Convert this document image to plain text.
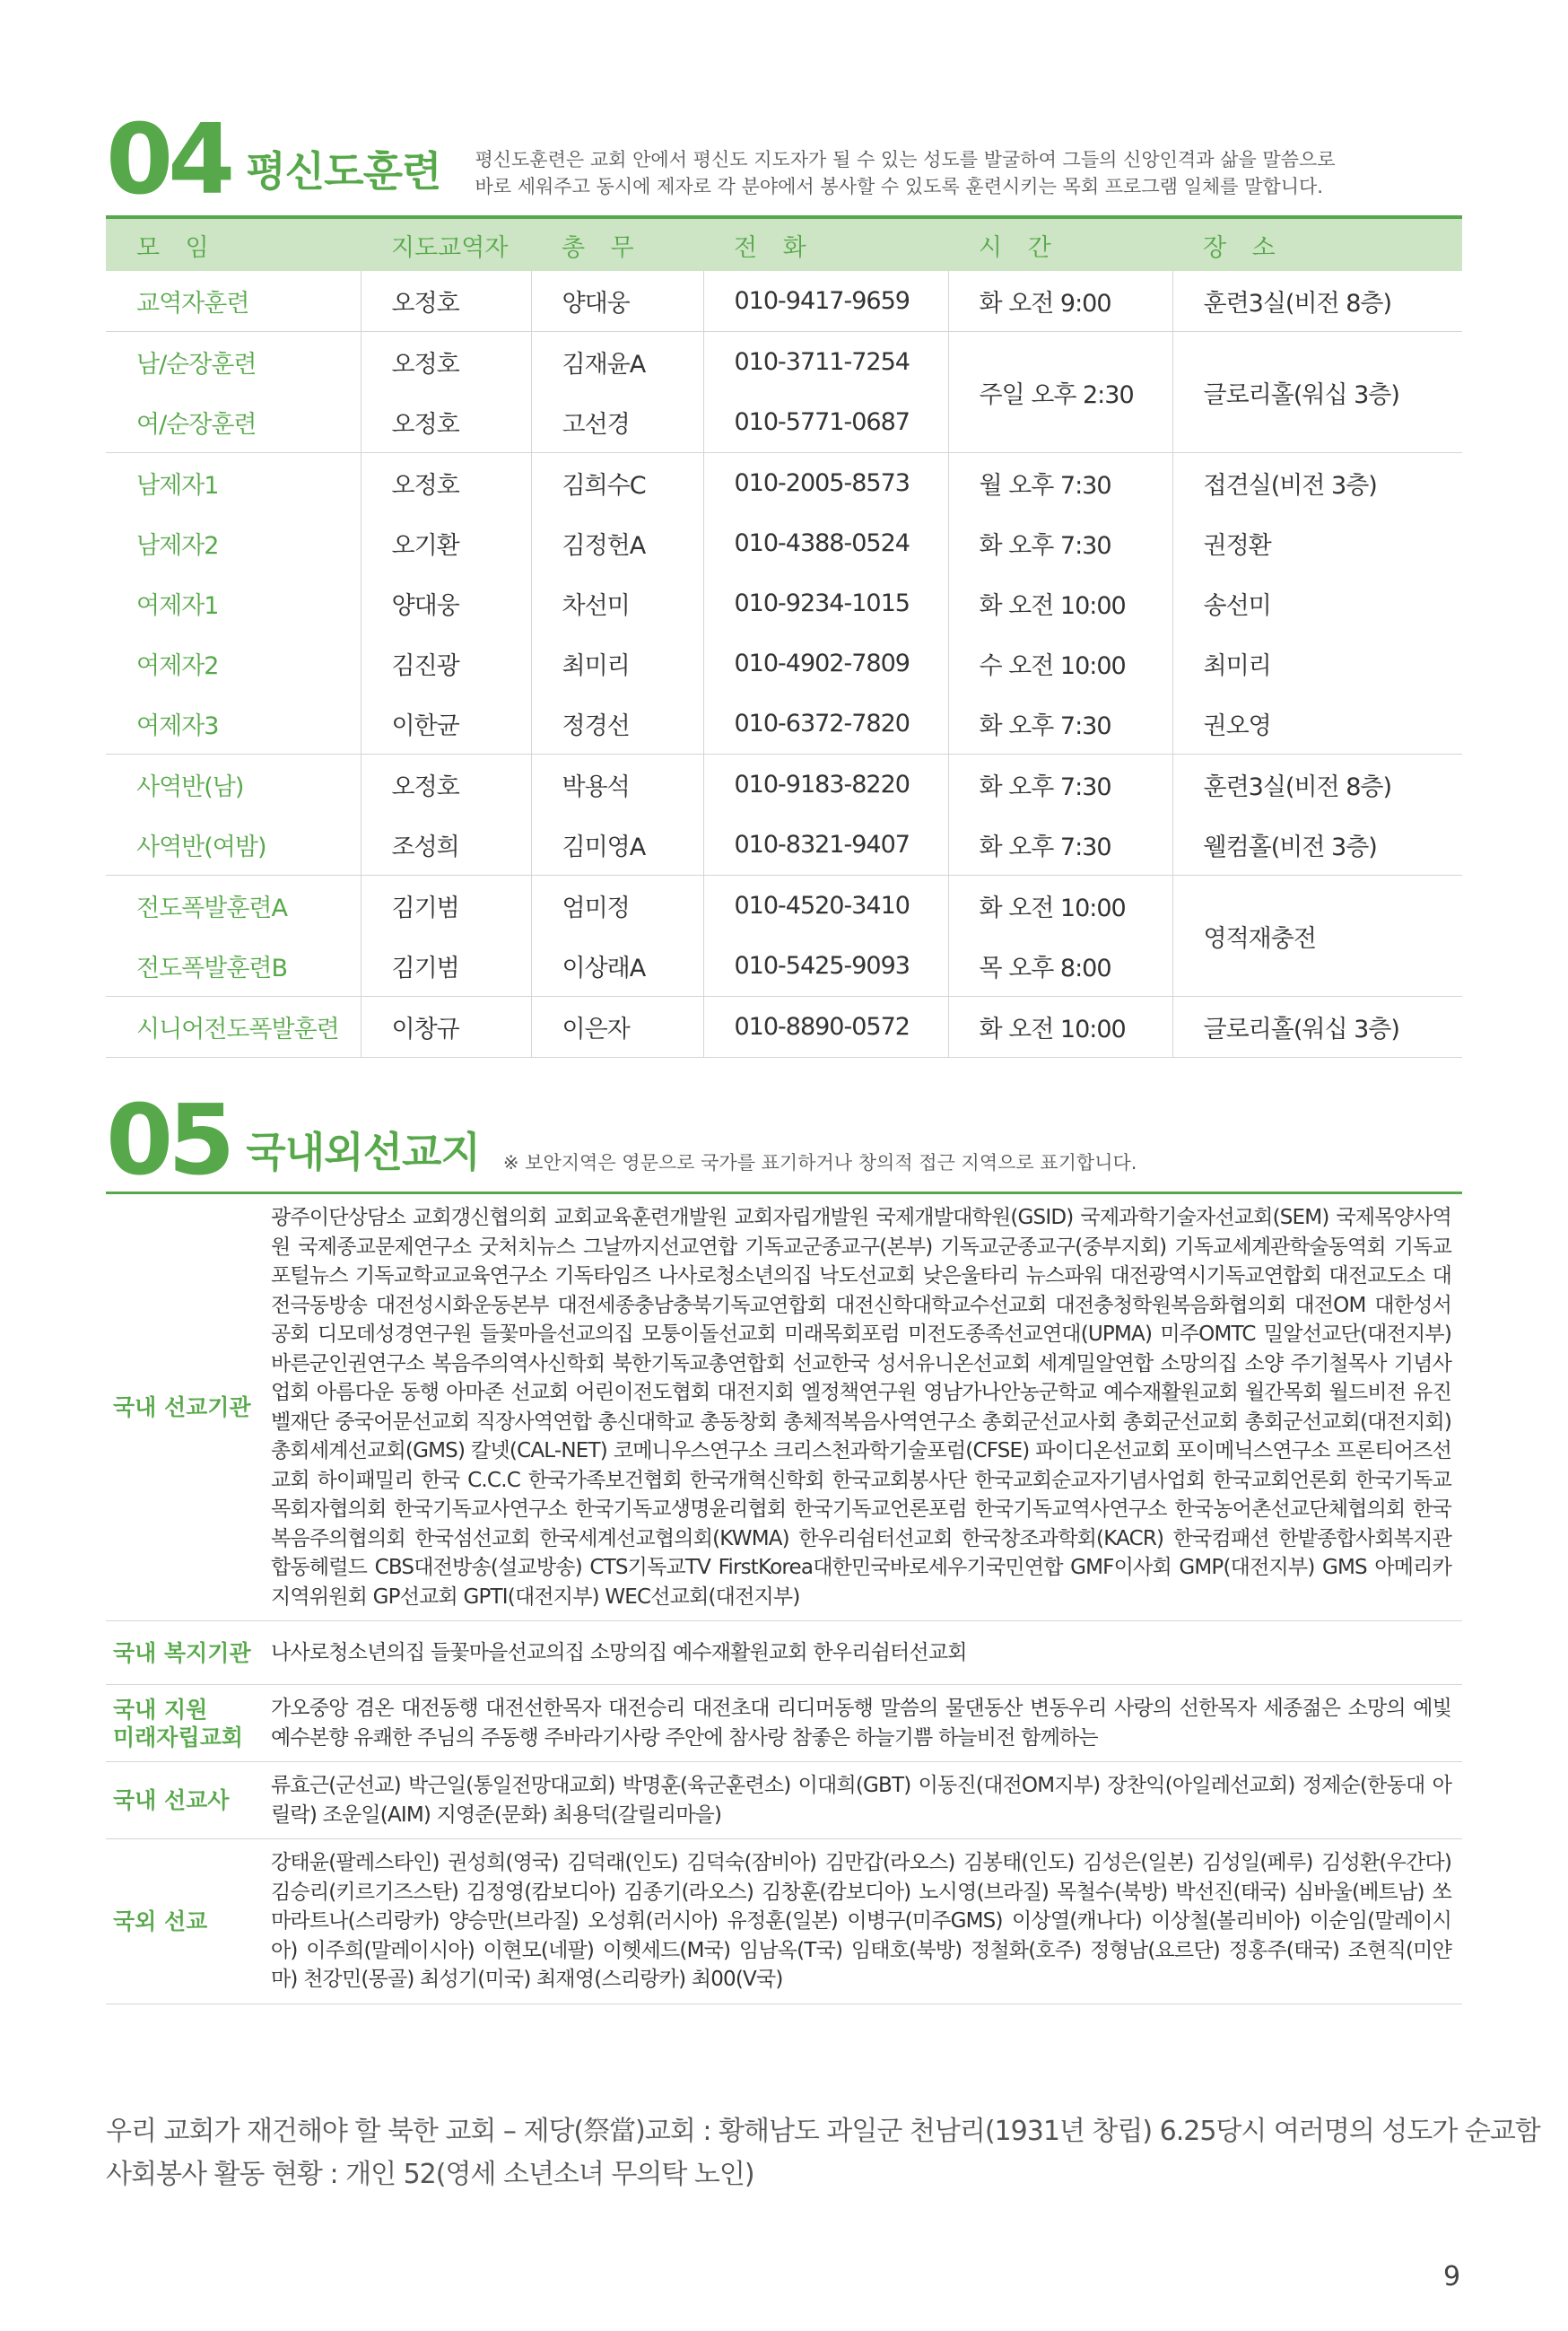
04 평신도훈련 평신도훈련은 교회 안에서 평신도 지도자가 될 수 있는 성도를 발굴하여 그들의 신앙인격과 삶을 말씀으로
바로 세워주고 동시에 제자로 각 분야에서 봉사할 수 있도록 훈련시키는 목회 프로그램 일체를 말합니다.
모 임	지도교역자	총 무	전 화	시 간	장 소
교역자훈련	오정호	양대웅	010-9417-9659	화 오전 9:00	훈련3실(비전 8층)
남/순장훈련	오정호	김재윤A	010-3711-7254	주일 오후 2:30	글로리홀(워십 3층)
여/순장훈련	오정호	고선경	010-5771-0687		
남제자1	오정호	김희수C	010-2005-8573	월 오후 7:30	접견실(비전 3층)
남제자2	오기환	김정헌A	010-4388-0524	화 오후 7:30	권정환
여제자1	양대웅	차선미	010-9234-1015	화 오전 10:00	송선미
여제자2	김진광	최미리	010-4902-7809	수 오전 10:00	최미리
여제자3	이한균	정경선	010-6372-7820	화 오후 7:30	권오영
사역반(남)	오정호	박용석	010-9183-8220	화 오후 7:30	훈련3실(비전 8층)
사역반(여밤)	조성희	김미영A	010-8321-9407	화 오후 7:30	웰컴홀(비전 3층)
전도폭발훈련A	김기범	엄미정	010-4520-3410	화 오전 10:00	영적재충전
전도폭발훈련B	김기범	이상래A	010-5425-9093	목 오후 8:00	
시니어전도폭발훈련	이창규	이은자	010-8890-0572	화 오전 10:00	글로리홀(워십 3층)
05 국내외선교지 ※ 보안지역은 영문으로 국가를 표기하거나 창의적 접근 지역으로 표기합니다.
국내 선교기관	광주이단상담소 교회갱신협의회 교회교육훈련개발원 교회자립개발원 국제개발대학원(GSID) 국제과학기술자선교회(SEM) 국제목양사역원 국제종교문제연구소 굿처치뉴스 그날까지선교연합 기독교군종교구(본부) 기독교군종교구(중부지회) 기독교세계관학술동역회 기독교포털뉴스 기독교학교교육연구소 기독타임즈 나사로청소년의집 낙도선교회 낮은울타리 뉴스파워 대전광역시기독교연합회 대전교도소 대전극동방송 대전성시화운동본부 대전세종충남충북기독교연합회 대전신학대학교수선교회 대전충청학원복음화협의회 대전OM 대한성서공회 디모데성경연구원 들꽃마을선교의집 모퉁이돌선교회 미래목회포럼 미전도종족선교연대(UPMA) 미주OMTC 밀알선교단(대전지부) 바른군인권연구소 복음주의역사신학회 북한기독교총연합회 선교한국 성서유니온선교회 세계밀알연합 소망의집 소양 주기철목사 기념사업회 아름다운 동행 아마존 선교회 어린이전도협회 대전지회 엘정책연구원 영남가나안농군학교 예수재활원교회 월간목회 월드비전 유진벨재단 중국어문선교회 직장사역연합 총신대학교 총동창회 총체적복음사역연구소 총회군선교사회 총회군선교회 총회군선교회(대전지회) 총회세계선교회(GMS) 칼넷(CAL-NET) 코메니우스연구소 크리스천과학기술포럼(CFSE) 파이디온선교회 포이메닉스연구소 프론티어즈선교회 하이패밀리 한국 C.C.C 한국가족보건협회 한국개혁신학회 한국교회봉사단 한국교회순교자기념사업회 한국교회언론회 한국기독교목회자협의회 한국기독교사연구소 한국기독교생명윤리협회 한국기독교언론포럼 한국기독교역사연구소 한국농어촌선교단체협의회 한국복음주의협의회 한국섬선교회 한국세계선교협의회(KWMA) 한우리쉼터선교회 한국창조과학회(KACR) 한국컴패션 한밭종합사회복지관 합동헤럴드 CBS대전방송(설교방송) CTS기독교TV FirstKorea대한민국바로세우기국민연합 GMF이사회 GMP(대전지부) GMS 아메리카지역위원회 GP선교회 GPTI(대전지부) WEC선교회(대전지부)
국내 복지기관	나사로청소년의집 들꽃마을선교의집 소망의집 예수재활원교회 한우리쉼터선교회
국내 지원
미래자립교회	가오중앙 겸온 대전동행 대전선한목자 대전승리 대전초대 리디머동행 말씀의 물댄동산 변동우리 사랑의 선한목자 세종젊은 소망의 예빛 예수본향 유쾌한 주님의 주동행 주바라기사랑 주안에 참사랑 참좋은 하늘기쁨 하늘비전 함께하는
국내 선교사	류효근(군선교) 박근일(통일전망대교회) 박명훈(육군훈련소) 이대희(GBT) 이동진(대전OM지부) 장찬익(아일레선교회) 정제순(한동대 아릴락) 조운일(AIM) 지영준(문화) 최용덕(갈릴리마을)
국외 선교	강태윤(팔레스타인) 권성희(영국) 김덕래(인도) 김덕숙(잠비아) 김만갑(라오스) 김봉태(인도) 김성은(일본) 김성일(페루) 김성환(우간다) 김승리(키르기즈스탄) 김정영(캄보디아) 김종기(라오스) 김창훈(캄보디아) 노시영(브라질) 목철수(북방) 박선진(태국) 심바울(베트남) 쏘마라트나(스리랑카) 양승만(브라질) 오성휘(러시아) 유정훈(일본) 이병구(미주GMS) 이상열(캐나다) 이상철(볼리비아) 이순임(말레이시아) 이주희(말레이시아) 이현모(네팔) 이헷세드(M국) 임남옥(T국) 임태호(북방) 정철화(호주) 정형남(요르단) 정홍주(태국) 조현직(미얀마) 천강민(몽골) 최성기(미국) 최재영(스리랑카) 최00(V국)
우리 교회가 재건해야 할 북한 교회 – 제당(祭當)교회 : 황해남도 과일군 천남리(1931년 창립) 6.25당시 여러명의 성도가 순교함
사회봉사 활동 현황 : 개인 52(영세 소년소녀 무의탁 노인)
9
